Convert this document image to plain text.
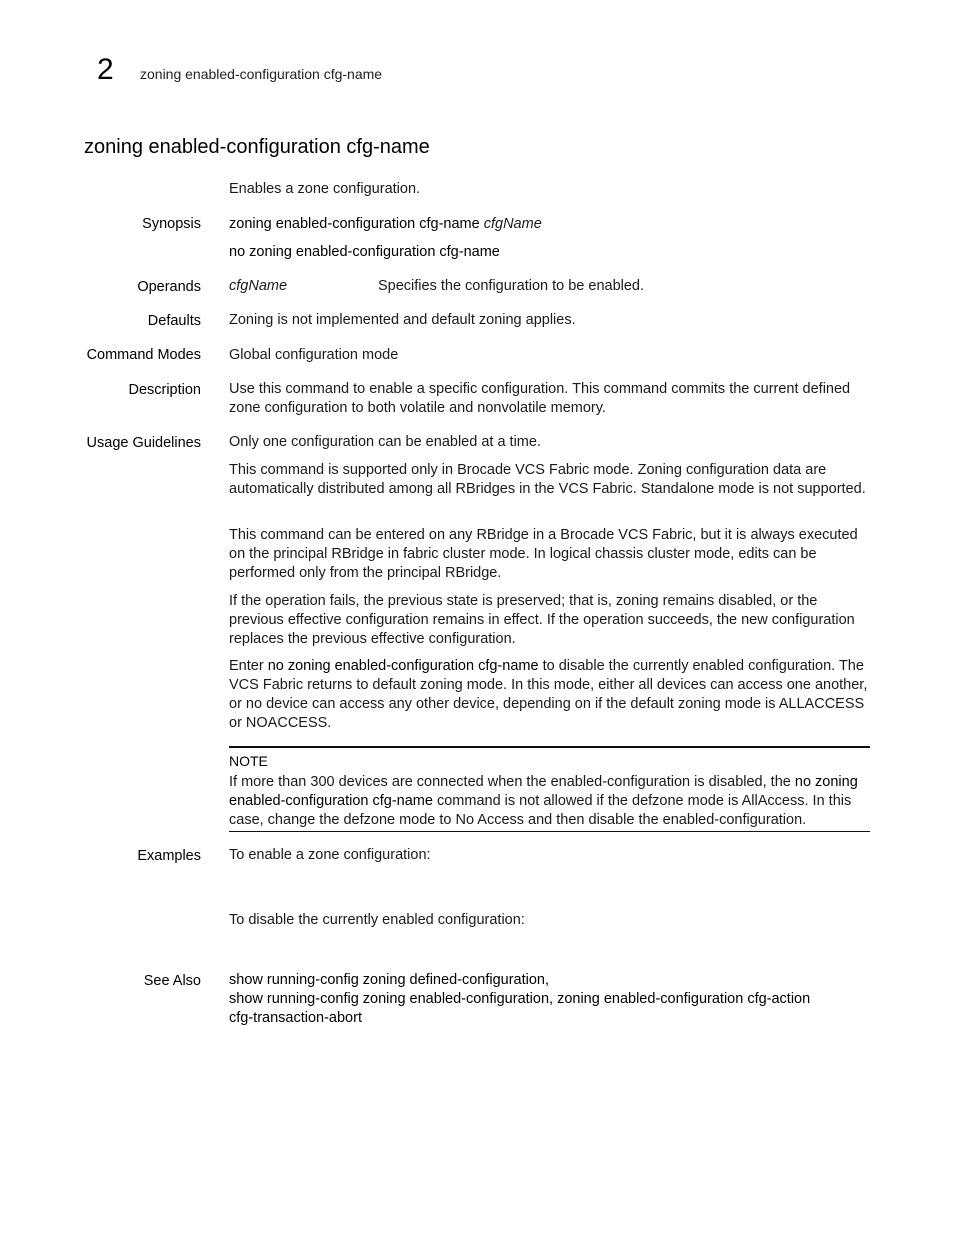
2 zoning enabled-configuration cfg-name
zoning enabled-configuration cfg-name

Enables a zone configuration.

Synopsis zoning enabled-configuration cfg-name cfgName

no zoning enabled-configuration cfg-name

Operands cfgName	Specifies the configuration to be enabled.

Defaults Zoning is not implemented and default zoning applies.

Command Modes Global configuration mode

Description Use this command to enable a specific configuration. This command commits the current defined zone configuration to both volatile and nonvolatile memory.

Usage Guidelines Only one configuration can be enabled at a time.

This command is supported only in Brocade VCS Fabric mode. Zoning configuration data are automatically distributed among all RBridges in the VCS Fabric. Standalone mode is not supported.

This command can be entered on any RBridge in a Brocade VCS Fabric, but it is always executed on the principal RBridge in fabric cluster mode. In logical chassis cluster mode, edits can be performed only from the principal RBridge.

If the operation fails, the previous state is preserved; that is, zoning remains disabled, or the previous effective configuration remains in effect. If the operation succeeds, the new configuration replaces the previous effective configuration.

Enter no zoning enabled-configuration cfg-name to disable the currently enabled configuration. The VCS Fabric returns to default zoning mode. In this mode, either all devices can access one another, or no device can access any other device, depending on if the default zoning mode is ALLACCESS or NOACCESS.

NOTE

If more than 300 devices are connected when the enabled-configuration is disabled, the no zoning enabled-configuration cfg-name command is not allowed if the defzone mode is AllAccess. In this case, change the defzone mode to No Access and then disable the enabled-configuration.

Examples To enable a zone configuration:

To disable the currently enabled configuration:

See Also show running-config zoning defined-configuration,

show running-config zoning enabled-configuration, zoning enabled-configuration cfg-action

cfg-transaction-abort
